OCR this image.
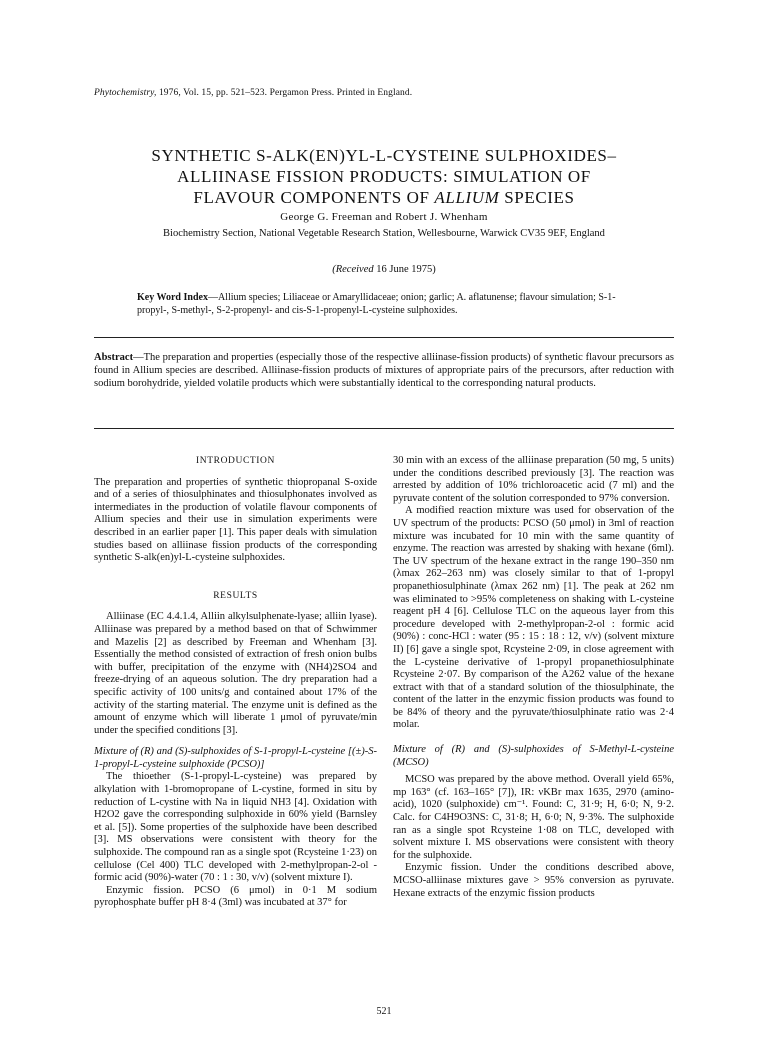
Phytochemistry, 1976, Vol. 15, pp. 521–523. Pergamon Press. Printed in England.
SYNTHETIC S-ALK(EN)YL-L-CYSTEINE SULPHOXIDES–
ALLIINASE FISSION PRODUCTS: SIMULATION OF
FLAVOUR COMPONENTS OF ALLIUM SPECIES
George G. Freeman and Robert J. Whenham
Biochemistry Section, National Vegetable Research Station, Wellesbourne, Warwick CV35 9EF, England
(Received 16 June 1975)
Key Word Index—Allium species; Liliaceae or Amaryllidaceae; onion; garlic; A. aflatunense; flavour simulation; S-1-propyl-, S-methyl-, S-2-propenyl- and cis-S-1-propenyl-L-cysteine sulphoxides.
Abstract—The preparation and properties (especially those of the respective alliinase-fission products) of synthetic flavour precursors as found in Allium species are described. Alliinase-fission products of mixtures of appropriate pairs of the precursors, after reduction with sodium borohydride, yielded volatile products which were substantially identical to the corresponding natural products.
INTRODUCTION
The preparation and properties of synthetic thiopropanal S-oxide and of a series of thiosulphinates and thiosulphonates involved as intermediates in the production of volatile flavour components of Allium species and their use in simulation experiments were described in an earlier paper [1]. This paper deals with simulation studies based on alliinase fission products of the corresponding synthetic S-alk(en)yl-L-cysteine sulphoxides.
RESULTS
Alliinase (EC 4.4.1.4, Alliin alkylsulphenate-lyase; alliin lyase). Alliinase was prepared by a method based on that of Schwimmer and Mazelis [2] as described by Freeman and Whenham [3]. Essentially the method consisted of extraction of fresh onion bulbs with buffer, precipitation of the enzyme with (NH4)2SO4 and freeze-drying of an aqueous solution. The dry preparation had a specific activity of 100 units/g and contained about 17% of the activity of the starting material. The enzyme unit is defined as the amount of enzyme which will liberate 1 μmol of pyruvate/min under the specified conditions [3].
Mixture of (R) and (S)-sulphoxides of S-1-propyl-L-cysteine [(±)-S-1-propyl-L-cysteine sulphoxide (PCSO)]
The thioether (S-1-propyl-L-cysteine) was prepared by alkylation with 1-bromopropane of L-cystine, formed in situ by reduction of L-cystine with Na in liquid NH3 [4]. Oxidation with H2O2 gave the corresponding sulphoxide in 60% yield (Barnsley et al. [5]). Some properties of the sulphoxide have been described [3]. MS observations were consistent with theory for the sulphoxide. The compound ran as a single spot (Rcysteine 1·23) on cellulose (Cel 400) TLC developed with 2-methylpropan-2-ol -formic acid (90%)-water (70 : 1 : 30, v/v) (solvent mixture I).
Enzymic fission. PCSO (6 μmol) in 0·1 M sodium pyrophosphate buffer pH 8·4 (3ml) was incubated at 37° for
30 min with an excess of the alliinase preparation (50 mg, 5 units) under the conditions described previously [3]. The reaction was arrested by addition of 10% trichloroacetic acid (7 ml) and the pyruvate content of the solution corresponded to 97% conversion.
A modified reaction mixture was used for observation of the UV spectrum of the products: PCSO (50 μmol) in 3ml of reaction mixture was incubated for 10 min with the same quantity of enzyme. The reaction was arrested by shaking with hexane (6ml). The UV spectrum of the hexane extract in the range 190–350 nm (λmax 262–263 nm) was closely similar to that of 1-propyl propanethiosulphinate (λmax 262 nm) [1]. The peak at 262 nm was eliminated to >95% completeness on shaking with L-cysteine reagent pH 4 [6]. Cellulose TLC on the aqueous layer from this procedure developed with 2-methylpropan-2-ol : formic acid (90%) : conc-HCl : water (95 : 15 : 18 : 12, v/v) (solvent mixture II) [6] gave a single spot, Rcysteine 2·09, in close agreement with the L-cysteine derivative of 1-propyl propanethiosulphinate Rcysteine 2·07. By comparison of the A262 value of the hexane extract with that of a standard solution of the thiosulphinate, the content of the latter in the enzymic fission products was found to be 84% of theory and the pyruvate/thiosulphinate ratio was 2·4 molar.
Mixture of (R) and (S)-sulphoxides of S-Methyl-L-cysteine (MCSO)
MCSO was prepared by the above method. Overall yield 65%, mp 163° (cf. 163–165° [7]), IR: νKBr max 1635, 2970 (amino-acid), 1020 (sulphoxide) cm⁻¹. Found: C, 31·9; H, 6·0; N, 9·2. Calc. for C4H9O3NS: C, 31·8; H, 6·0; N, 9·3%. The sulphoxide ran as a single spot Rcysteine 1·08 on TLC, developed with solvent mixture I. MS observations were consistent with theory for the sulphoxide.
Enzymic fission. Under the conditions described above, MCSO-alliinase mixtures gave > 95% conversion as pyruvate. Hexane extracts of the enzymic fission products
521
